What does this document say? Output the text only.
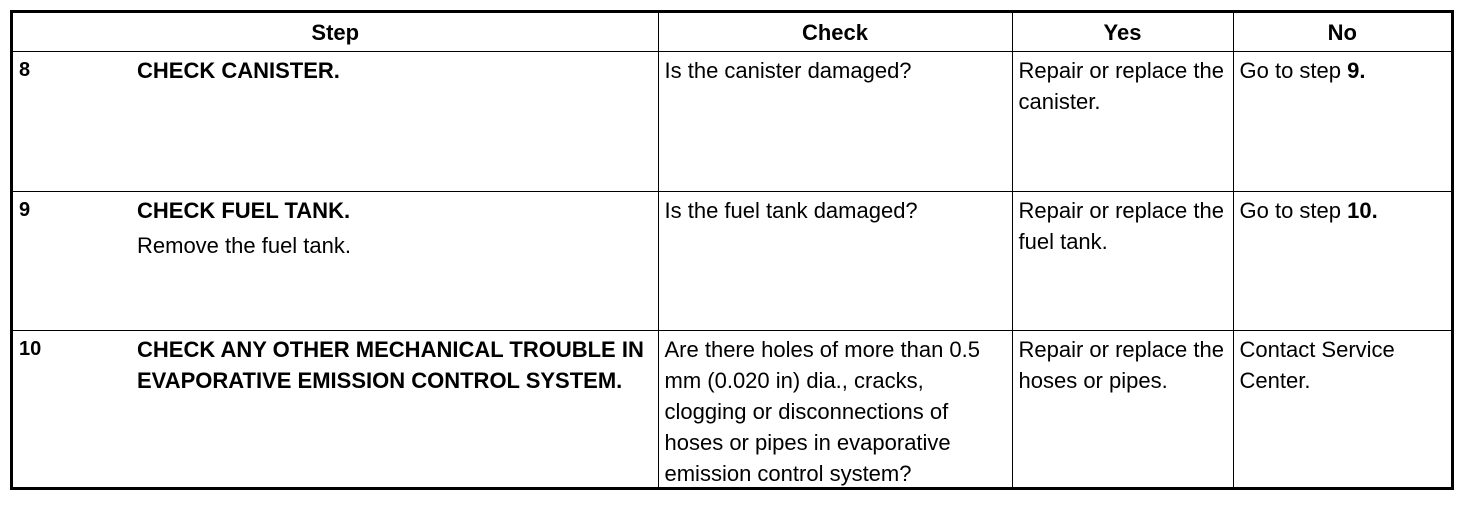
Step	Check	Yes	No

8 CHECK CANISTER.	Is the canister damaged?	Repair or replace the canister.	Go to step 9.

9 CHECK FUEL TANK.
Remove the fuel tank.	Is the fuel tank damaged?	Repair or replace the fuel tank.	Go to step 10.

10 CHECK ANY OTHER MECHANICAL TROUBLE IN EVAPORATIVE EMISSION CONTROL SYSTEM.	Are there holes of more than 0.5 mm (0.020 in) dia., cracks, clogging or disconnections of hoses or pipes in evaporative emission control system?	Repair or replace the hoses or pipes.	Contact Service Center.
